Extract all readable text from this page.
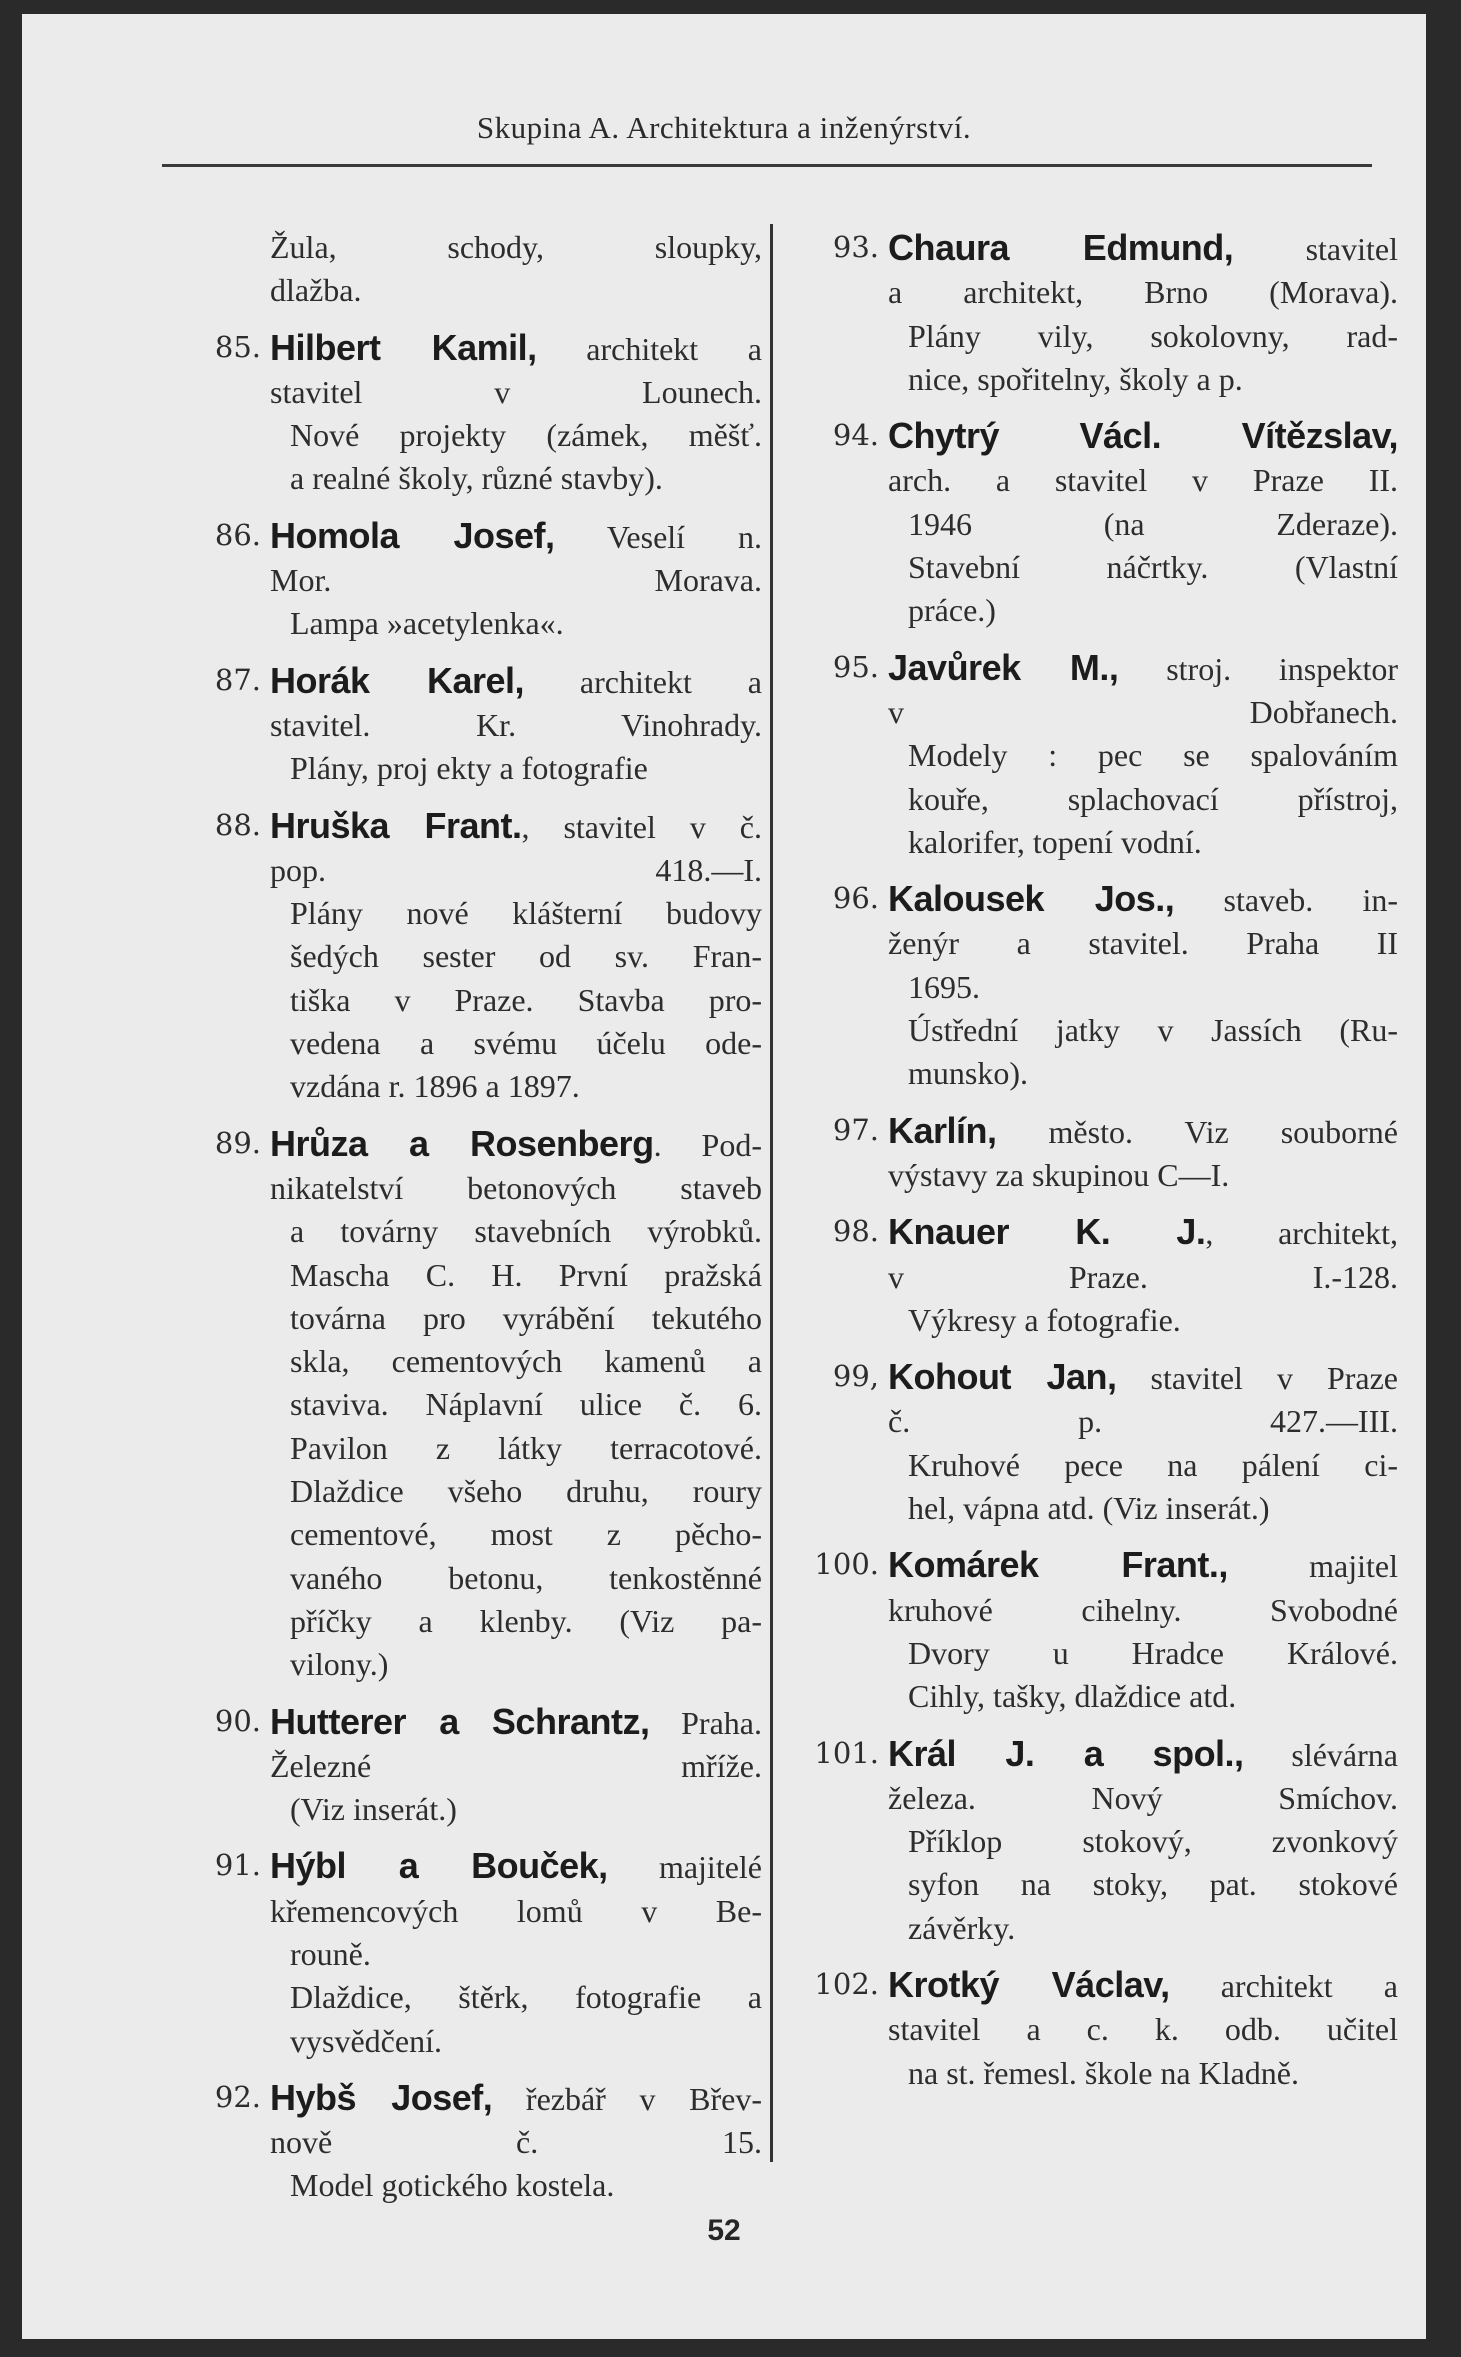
Skupina A. Architektura a inženýrství.
Žula, schody, sloupky,
dlažba.
85. Hilbert Kamil, architekt a
stavitel v Lounech.
Nové projekty (zámek, měšť.
a realné školy, různé stavby).
86. Homola Josef, Veselí n.
Mor. Morava.
Lampa »acetylenka«.
87. Horák Karel, architekt a
stavitel. Kr. Vinohrady.
Plány, proj ekty a fotografie
88. Hruška Frant., stavitel v č.
pop. 418.—I.
Plány nové klášterní budovy
šedých sester od sv. Fran-
tiška v Praze. Stavba pro-
vedena a svému účelu ode-
vzdána r. 1896 a 1897.
89. Hrůza a Rosenberg. Pod-
nikatelství betonových staveb
a továrny stavebních výrobků.
Mascha C. H. První pražská
továrna pro vyrábění tekutého
skla, cementových kamenů a
staviva. Náplavní ulice č. 6.
Pavilon z látky terracotové.
Dlaždice všeho druhu, roury
cementové, most z pěcho-
vaného betonu, tenkostěnné
příčky a klenby. (Viz pa-
vilony.)
90. Hutterer a Schrantz, Praha.
Železné mříže.
(Viz inserát.)
91. Hýbl a Bouček, majitelé
křemencových lomů v Be-
rouně.
Dlaždice, štěrk, fotografie a
vysvědčení.
92. Hybš Josef, řezbář v Břev-
nově č. 15.
Model gotického kostela.
93. Chaura Edmund, stavitel
a architekt, Brno (Morava).
Plány vily, sokolovny, rad-
nice, spořitelny, školy a p.
94. Chytrý Václ. Vítězslav,
arch. a stavitel v Praze II.
1946 (na Zderaze).
Stavební náčrtky. (Vlastní
práce.)
95. Javůrek M., stroj. inspektor
v Dobřanech.
Modely : pec se spalováním
kouře, splachovací přístroj,
kalorifer, topení vodní.
96. Kalousek Jos., staveb. in-
ženýr a stavitel. Praha II
1695.
Ústřední jatky v Jassích (Ru-
munsko).
97. Karlín, město. Viz souborné
výstavy za skupinou C—I.
98. Knauer K. J., architekt,
v Praze. I.-128.
Výkresy a fotografie.
99, Kohout Jan, stavitel v Praze
č. p. 427.—III.
Kruhové pece na pálení ci-
hel, vápna atd. (Viz inserát.)
100. Komárek Frant., majitel
kruhové cihelny. Svobodné
Dvory u Hradce Králové.
Cihly, tašky, dlaždice atd.
101. Král J. a spol., slévárna
železa. Nový Smíchov.
Příklop stokový, zvonkový
syfon na stoky, pat. stokové
závěrky.
102. Krotký Václav, architekt a
stavitel a c. k. odb. učitel
na st. řemesl. škole na Kladně.
52
